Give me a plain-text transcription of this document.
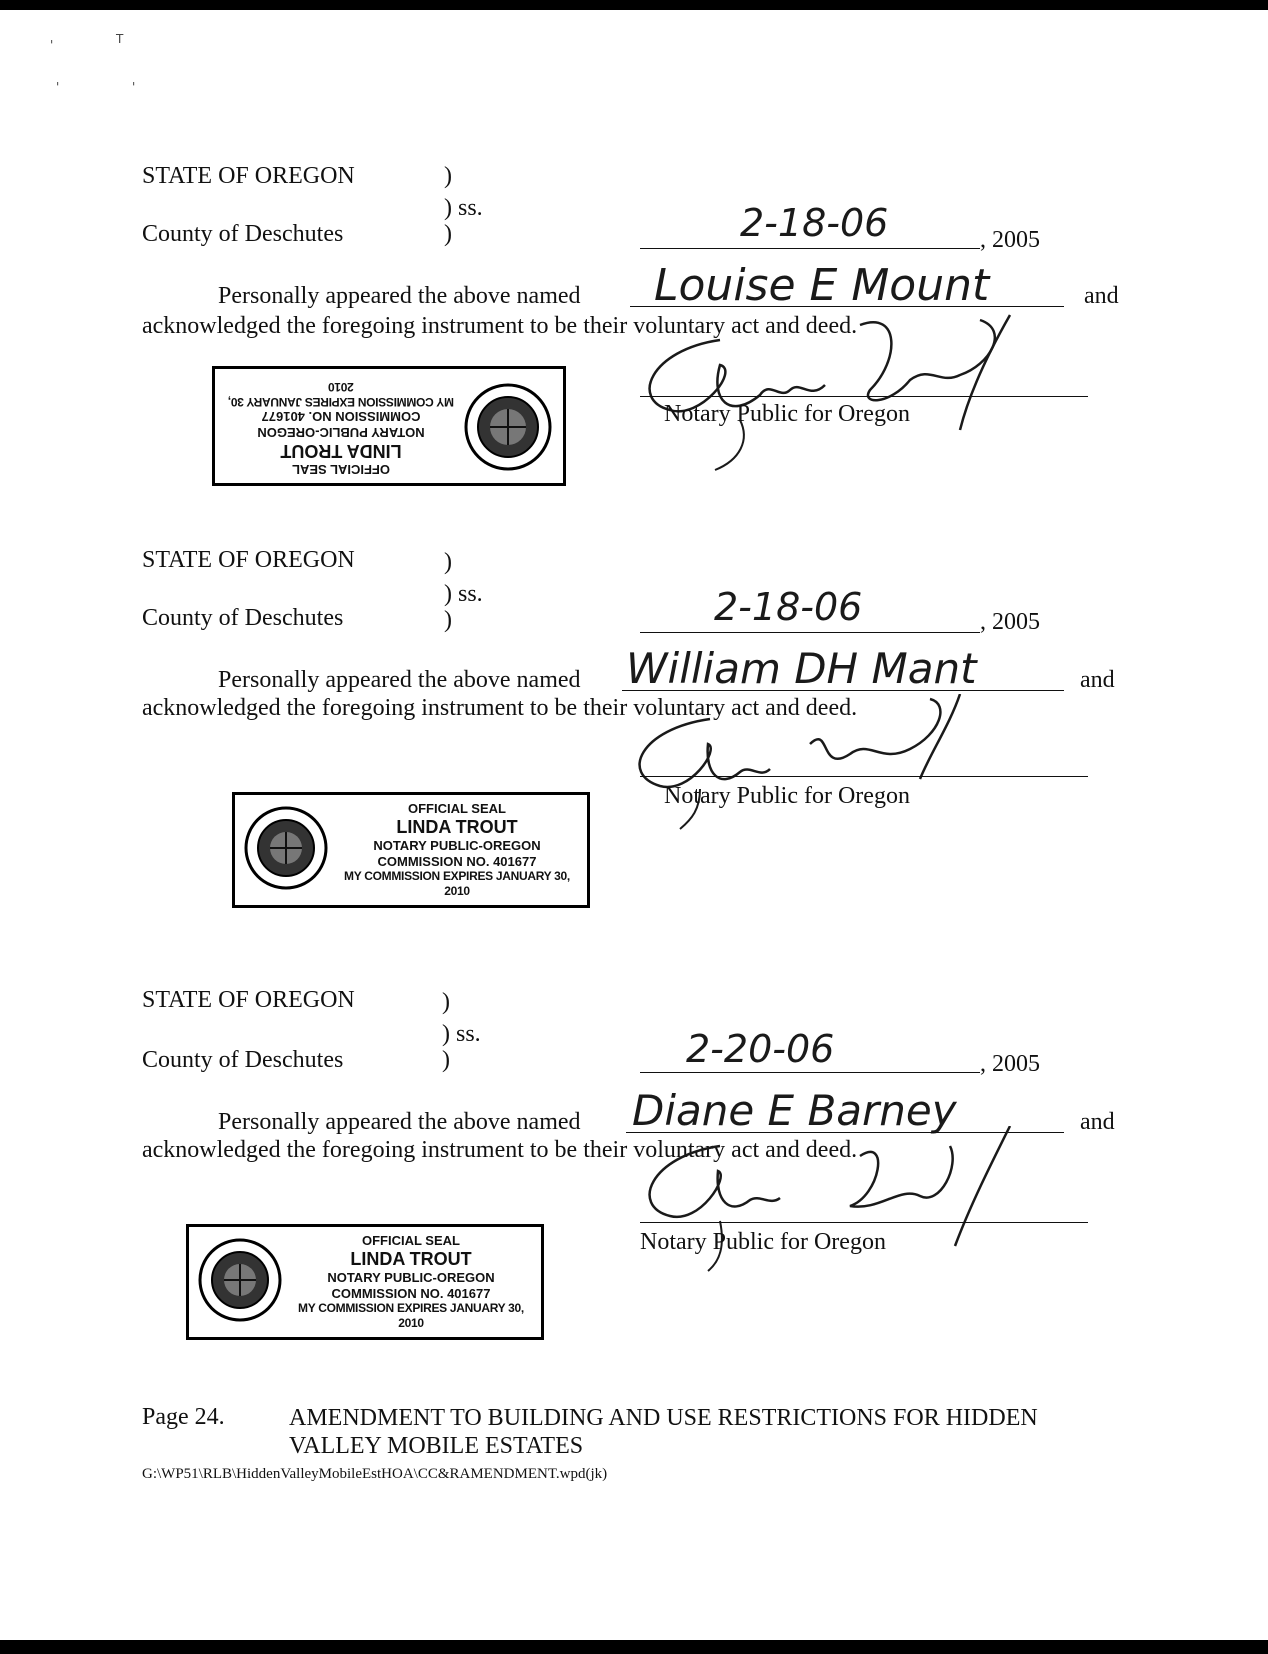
'	T
'	'
STATE OF OREGON	)
) ss.
County of Deschutes	)	2-18-06	, 2005
Personally appeared the above named Louise E Mount	and
acknowledged the foregoing instrument to be their voluntary act and deed.
Notary Public for Oregon
OFFICIAL SEAL
LINDA TROUT
NOTARY PUBLIC-OREGON
COMMISSION NO. 401677
MY COMMISSION EXPIRES JANUARY 30, 2010
STATE OF OREGON	)
) ss.
County of Deschutes	)	2-18-06	, 2005
Personally appeared the above named William DH Mant	and
acknowledged the foregoing instrument to be their voluntary act and deed.
Notary Public for Oregon
OFFICIAL SEAL
LINDA TROUT
NOTARY PUBLIC-OREGON
COMMISSION NO. 401677
MY COMMISSION EXPIRES JANUARY 30, 2010
STATE OF OREGON	)
) ss.
County of Deschutes	)	2-20-06	, 2005
Personally appeared the above named Diane E Barney	and
acknowledged the foregoing instrument to be their voluntary act and deed.
Notary Public for Oregon
OFFICIAL SEAL
LINDA TROUT
NOTARY PUBLIC-OREGON
COMMISSION NO. 401677
MY COMMISSION EXPIRES JANUARY 30, 2010
Page 24.	AMENDMENT TO BUILDING AND USE RESTRICTIONS FOR HIDDEN VALLEY MOBILE ESTATES
G:\WP51\RLB\HiddenValleyMobileEstHOA\CC&RAMENDMENT.wpd(jk)
